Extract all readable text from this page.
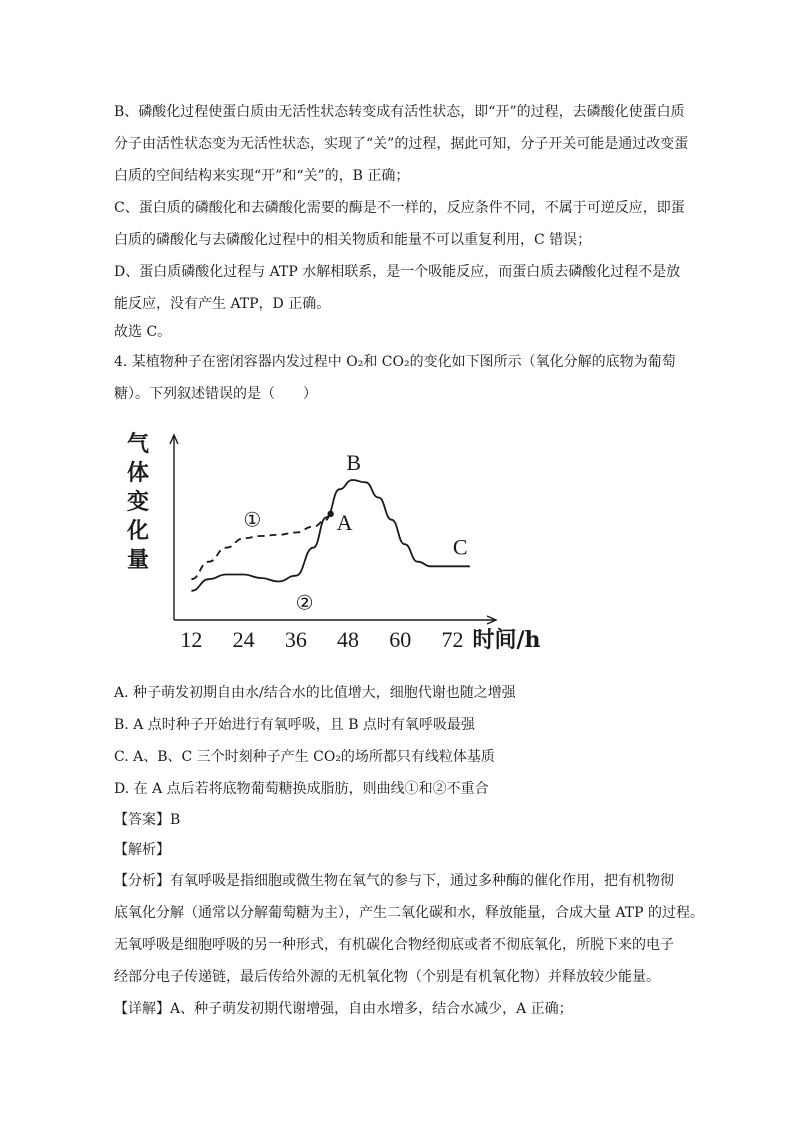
B、磷酸化过程使蛋白质由无活性状态转变成有活性状态，即“开”的过程，去磷酸化使蛋白质
分子由活性状态变为无活性状态，实现了“关”的过程，据此可知，分子开关可能是通过改变蛋
白质的空间结构来实现“开”和“关”的，B 正确；
C、蛋白质的磷酸化和去磷酸化需要的酶是不一样的，反应条件不同，不属于可逆反应，即蛋
白质的磷酸化与去磷酸化过程中的相关物质和能量不可以重复利用，C 错误；
D、蛋白质磷酸化过程与 ATP 水解相联系，是一个吸能反应，而蛋白质去磷酸化过程不是放
能反应，没有产生 ATP，D 正确。
故选 C。
4. 某植物种子在密闭容器内发过程中 O₂和 CO₂的变化如下图所示（氧化分解的底物为葡萄
糖）。下列叙述错误的是（　　）
气
体
变
化
量
12 24 36 48 60 72 时间/h
①
②
A
B
C
A. 种子萌发初期自由水/结合水的比值增大，细胞代谢也随之增强
B. A 点时种子开始进行有氧呼吸，且 B 点时有氧呼吸最强
C. A、B、C 三个时刻种子产生 CO₂的场所都只有线粒体基质
D. 在 A 点后若将底物葡萄糖换成脂肪，则曲线①和②不重合
【答案】B
【解析】
【分析】有氧呼吸是指细胞或微生物在氧气的参与下，通过多种酶的催化作用，把有机物彻
底氧化分解（通常以分解葡萄糖为主），产生二氧化碳和水，释放能量，合成大量 ATP 的过程。
无氧呼吸是细胞呼吸的另一种形式，有机碳化合物经彻底或者不彻底氧化，所脱下来的电子
经部分电子传递链，最后传给外源的无机氧化物（个别是有机氧化物）并释放较少能量。
【详解】A、种子萌发初期代谢增强，自由水增多，结合水减少，A 正确；
